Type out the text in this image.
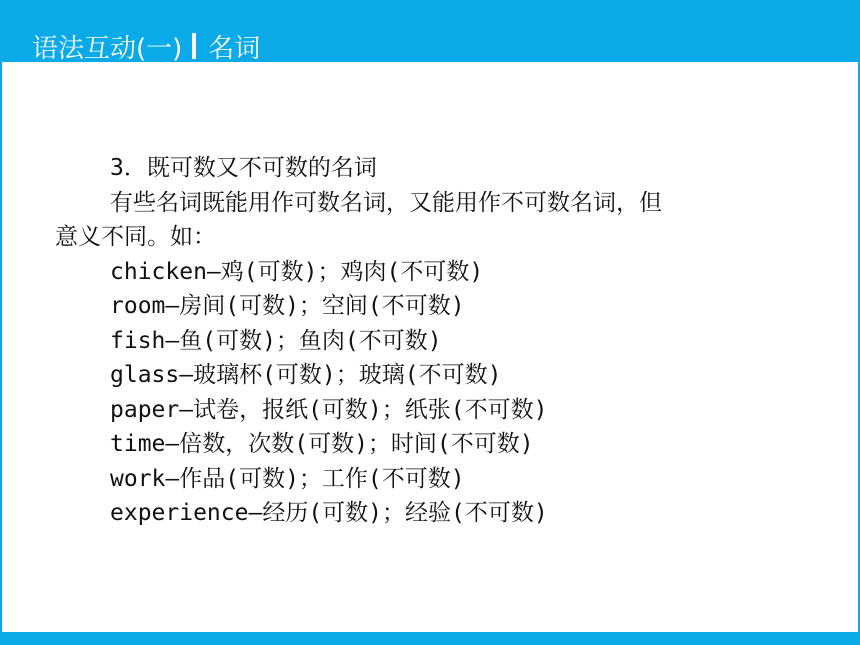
语法互动(一) 名词
3．既可数又不可数的名词
有些名词既能用作可数名词，又能用作不可数名词，但
意义不同。如：
chicken—鸡(可数)；鸡肉(不可数)
room—房间(可数)；空间(不可数)
fish—鱼(可数)；鱼肉(不可数)
glass—玻璃杯(可数)；玻璃(不可数)
paper—试卷，报纸(可数)；纸张(不可数)
time—倍数，次数(可数)；时间(不可数)
work—作品(可数)；工作(不可数)
experience—经历(可数)；经验(不可数)
